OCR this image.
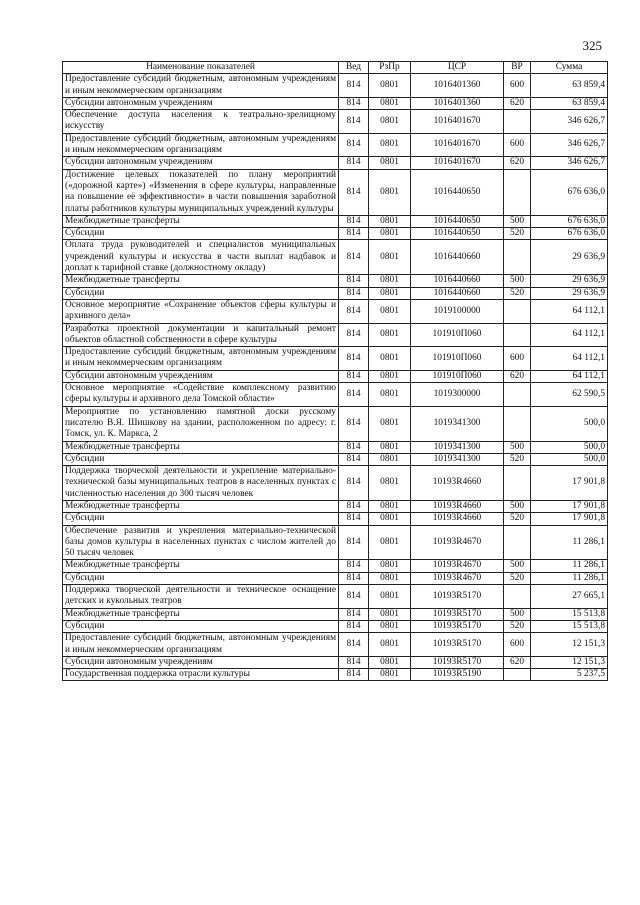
325
Наименование показателей	Вед	РзПр	ЦСР	ВР	Сумма
Предоставление субсидий бюджетным, автономным учреждениям и иным некоммерческим организациям	814	0801	1016401360	600	63 859,4
Субсидии автономным учреждениям	814	0801	1016401360	620	63 859,4
Обеспечение доступа населения к театрально-зрелищному искусству	814	0801	1016401670		346 626,7
Предоставление субсидий бюджетным, автономным учреждениям и иным некоммерческим организациям	814	0801	1016401670	600	346 626,7
Субсидии автономным учреждениям	814	0801	1016401670	620	346 626,7
Достижение целевых показателей по плану мероприятий («дорожной карте») «Изменения в сфере культуры, направленные на повышение её эффективности» в части повышения заработной платы работников культуры муниципальных учреждений культуры	814	0801	1016440650		676 636,0
Межбюджетные трансферты	814	0801	1016440650	500	676 636,0
Субсидии	814	0801	1016440650	520	676 636,0
Оплата труда руководителей и специалистов муниципальных учреждений культуры и искусства в части выплат надбавок и доплат к тарифной ставке (должностному окладу)	814	0801	1016440660		29 636,9
Межбюджетные трансферты	814	0801	1016440660	500	29 636,9
Субсидии	814	0801	1016440660	520	29 636,9
Основное мероприятие «Сохранение объектов сферы культуры и архивного дела»	814	0801	1019100000		64 112,1
Разработка проектной документации и капитальный ремонт объектов областной собственности в сфере культуры	814	0801	101910П060		64 112,1
Предоставление субсидий бюджетным, автономным учреждениям и иным некоммерческим организациям	814	0801	101910П060	600	64 112,1
Субсидии автономным учреждениям	814	0801	101910П060	620	64 112,1
Основное мероприятие «Содействие комплексному развитию сферы культуры и архивного дела Томской области»	814	0801	1019300000		62 590,5
Мероприятие по установлению памятной доски русскому писателю В.Я. Шишкову на здании, расположенном по адресу: г. Томск, ул. К. Маркса, 2	814	0801	1019341300		500,0
Межбюджетные трансферты	814	0801	1019341300	500	500,0
Субсидии	814	0801	1019341300	520	500,0
Поддержка творческой деятельности и укрепление материально-технической базы муниципальных театров в населенных пунктах с численностью населения до 300 тысяч человек	814	0801	10193R4660		17 901,8
Межбюджетные трансферты	814	0801	10193R4660	500	17 901,8
Субсидии	814	0801	10193R4660	520	17 901,8
Обеспечение развития и укрепления материально-технической базы домов культуры в населенных пунктах с числом жителей до 50 тысяч человек	814	0801	10193R4670		11 286,1
Межбюджетные трансферты	814	0801	10193R4670	500	11 286,1
Субсидии	814	0801	10193R4670	520	11 286,1
Поддержка творческой деятельности и техническое оснащение детских и кукольных театров	814	0801	10193R5170		27 665,1
Межбюджетные трансферты	814	0801	10193R5170	500	15 513,8
Субсидии	814	0801	10193R5170	520	15 513,8
Предоставление субсидий бюджетным, автономным учреждениям и иным некоммерческим организациям	814	0801	10193R5170	600	12 151,3
Субсидии автономным учреждениям	814	0801	10193R5170	620	12 151,3
Государственная поддержка отрасли культуры	814	0801	10193R5190		5 237,5
